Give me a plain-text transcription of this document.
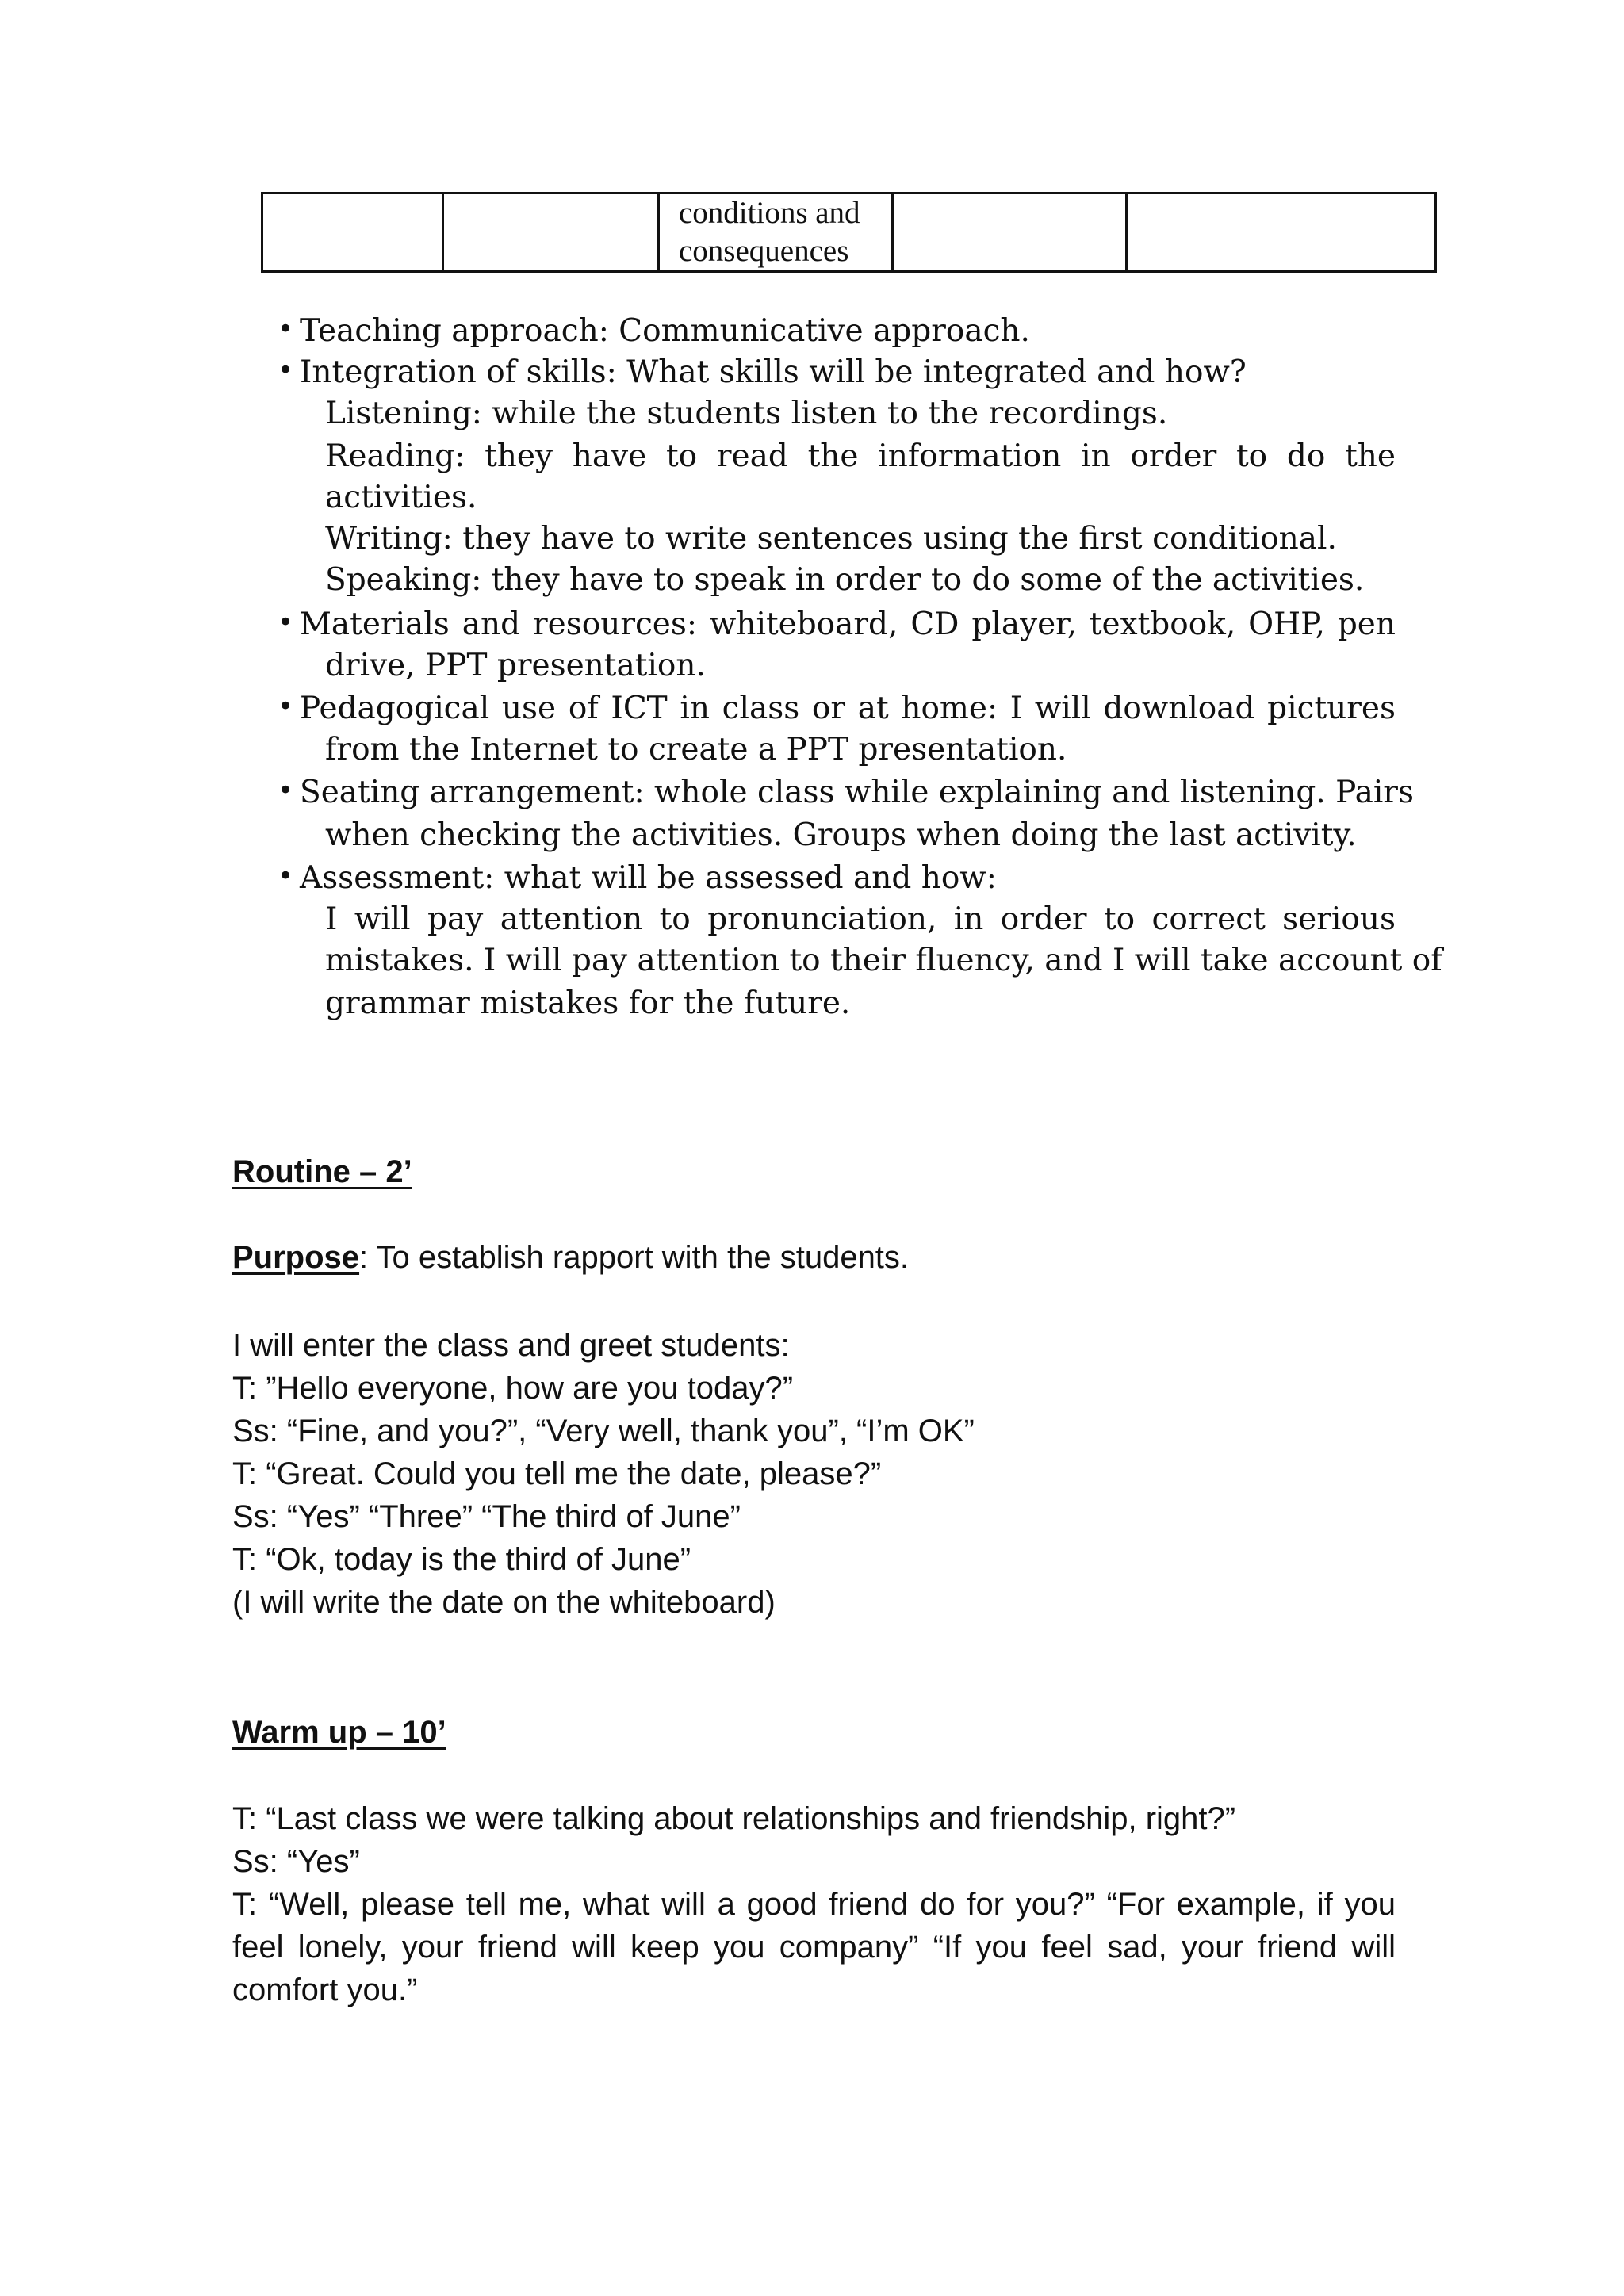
		conditions and consequences		
• Teaching approach: Communicative approach.
• Integration of skills: What skills will be integrated and how?
Listening: while the students listen to the recordings.
Reading: they have to read the information in order to do the
activities.
Writing: they have to write sentences using the first conditional.
Speaking: they have to speak in order to do some of the activities.
• Materials and resources: whiteboard, CD player, textbook, OHP, pen
drive, PPT presentation.
• Pedagogical use of ICT in class or at home: I will download pictures
from the Internet to create a PPT presentation.
• Seating arrangement: whole class while explaining and listening. Pairs
when checking the activities. Groups when doing the last activity.
• Assessment: what will be assessed and how:
I will pay attention to pronunciation, in order to correct serious
mistakes. I will pay attention to their fluency, and I will take account of
grammar mistakes for the future.
Routine – 2’
Purpose: To establish rapport with the students.
I will enter the class and greet students:
T: ”Hello everyone, how are you today?”
Ss: “Fine, and you?”, “Very well, thank you”, “I’m OK”
T: “Great. Could you tell me the date, please?”
Ss: “Yes” “Three” “The third of June”
T: “Ok, today is the third of June”
(I will write the date on the whiteboard)
Warm up – 10’
T: “Last class we were talking about relationships and friendship, right?”
Ss: “Yes”
T: “Well, please tell me, what will a good friend do for you?” “For example, if you
feel lonely, your friend will keep you company” “If you feel sad, your friend will
comfort you.”
